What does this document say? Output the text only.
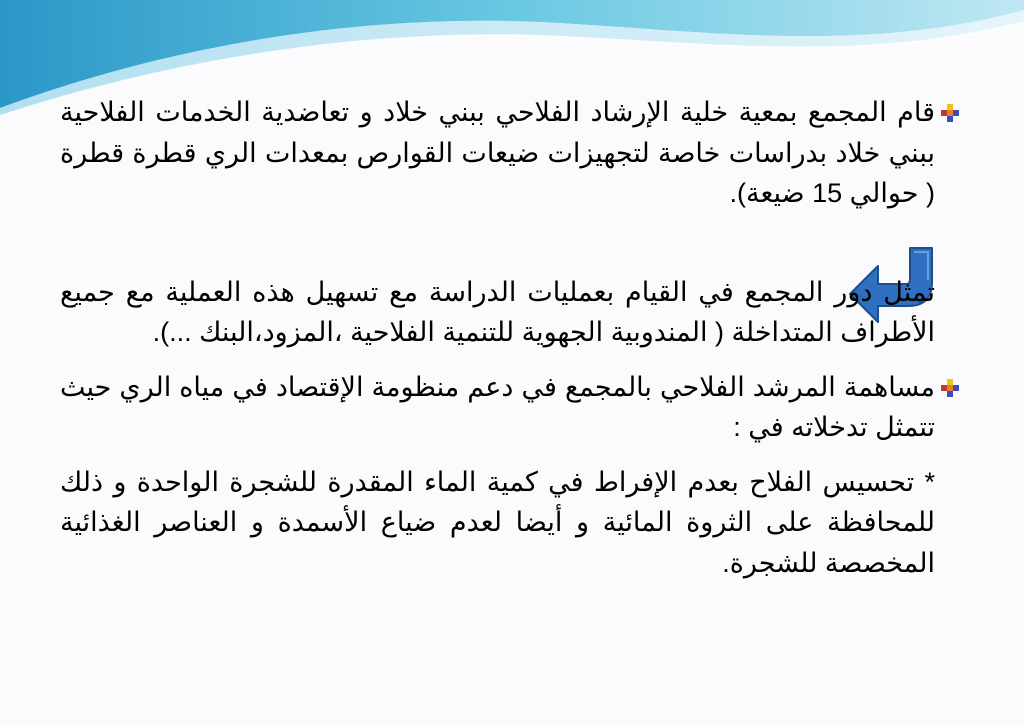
قام المجمع بمعية خلية الإرشاد الفلاحي ببني خلاد و تعاضدية الخدمات الفلاحية ببني خلاد بدراسات خاصة لتجهيزات ضيعات القوارص بمعدات الري قطرة قطرة ( حوالي 15 ضيعة).

تمثل دور المجمع في القيام بعمليات الدراسة مع تسهيل هذه العملية مع جميع الأطراف المتداخلة ( المندوبية الجهوية للتنمية الفلاحية ،المزود،البنك ...).

مساهمة المرشد الفلاحي بالمجمع في دعم منظومة الإقتصاد في مياه الري حيث تتمثل تدخلاته في :

* تحسيس الفلاح بعدم الإفراط في كمية الماء المقدرة للشجرة الواحدة و ذلك للمحافظة على الثروة المائية و أيضا لعدم ضياع الأسمدة و العناصر الغذائية المخصصة للشجرة.
